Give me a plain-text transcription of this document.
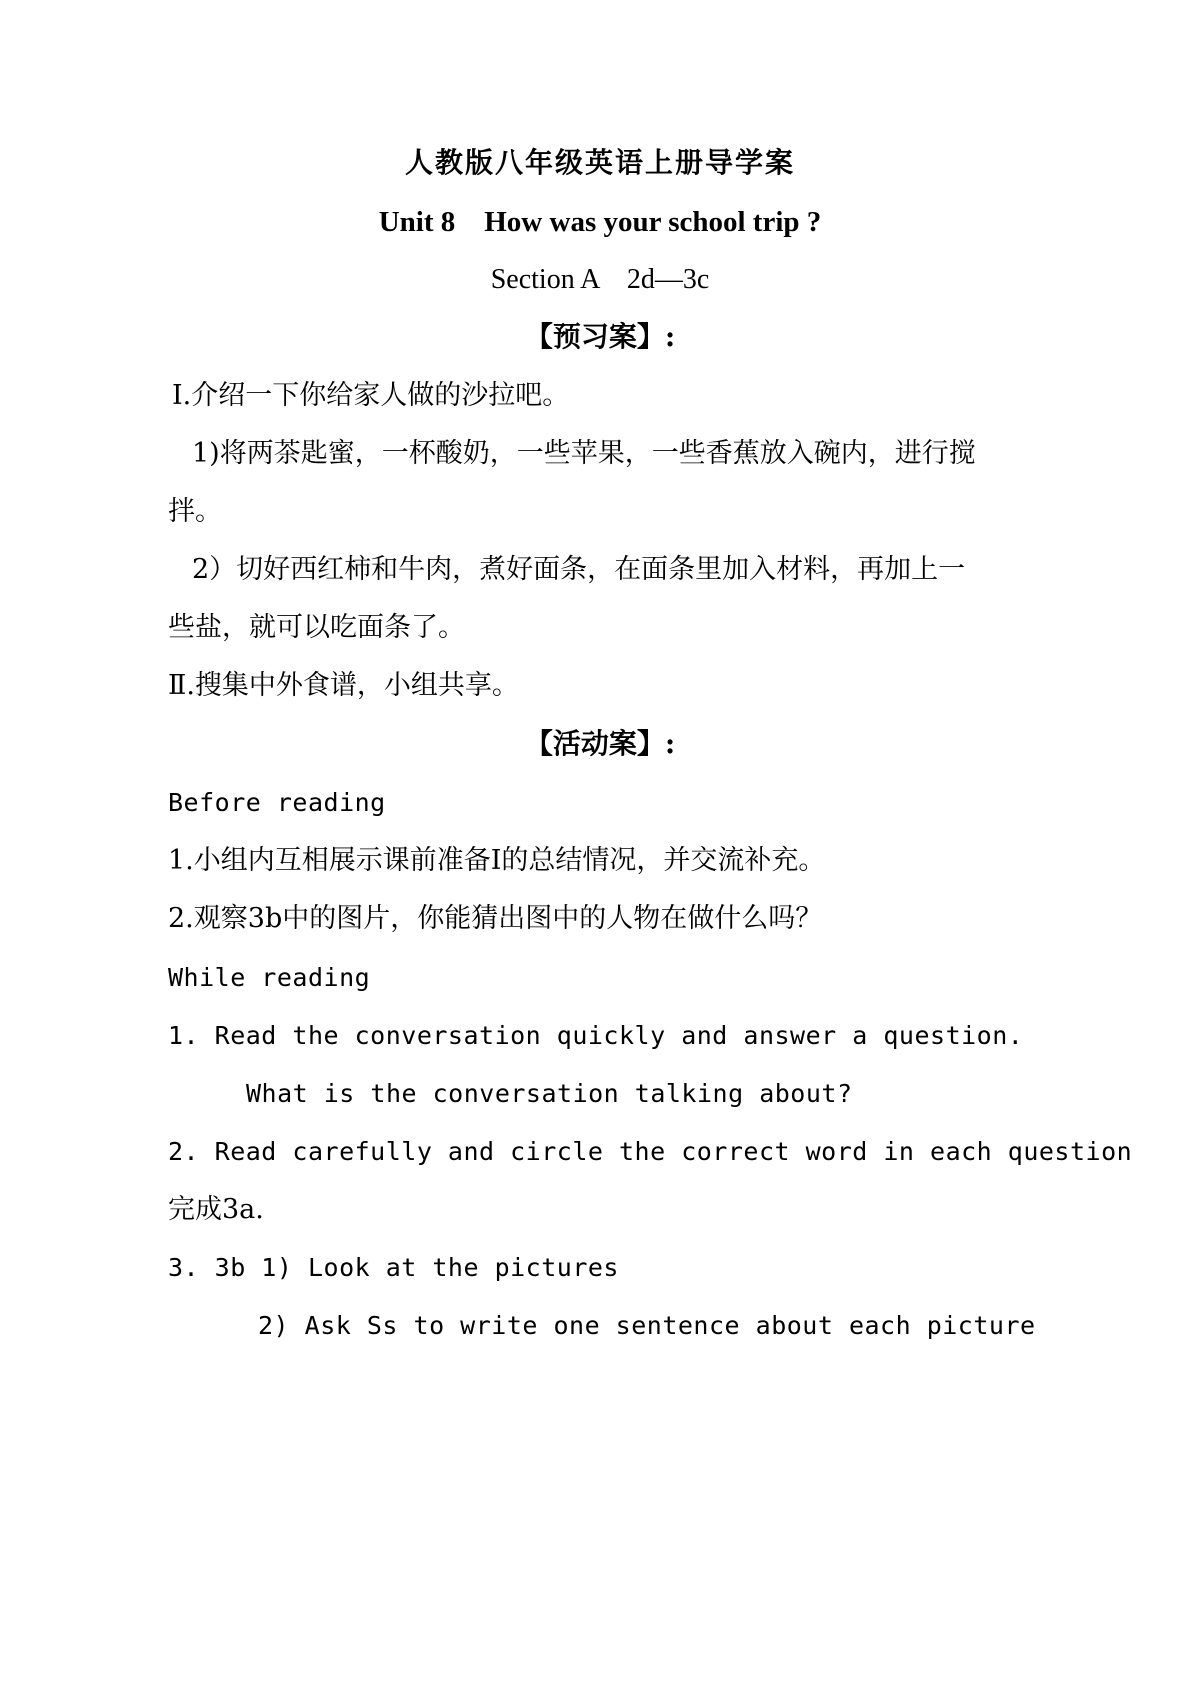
人教版八年级英语上册导学案
Unit 8　How was your school trip ?
Section A　2d—3c
【预习案】:
Ⅰ.介绍一下你给家人做的沙拉吧。
1)将两茶匙蜜，一杯酸奶，一些苹果，一些香蕉放入碗内，进行搅
拌。
2）切好西红柿和牛肉，煮好面条，在面条里加入材料，再加上一
些盐，就可以吃面条了。
Ⅱ.搜集中外食谱，小组共享。
【活动案】:
Before reading
1.小组内互相展示课前准备Ⅰ的总结情况，并交流补充。
2.观察3b中的图片，你能猜出图中的人物在做什么吗？
While reading
1. Read the conversation quickly and answer a question.
What is the conversation talking about?
2. Read carefully and circle the correct word in each question
完成3a.
3. 3b 1) Look at the pictures
2) Ask Ss to write one sentence about each picture
